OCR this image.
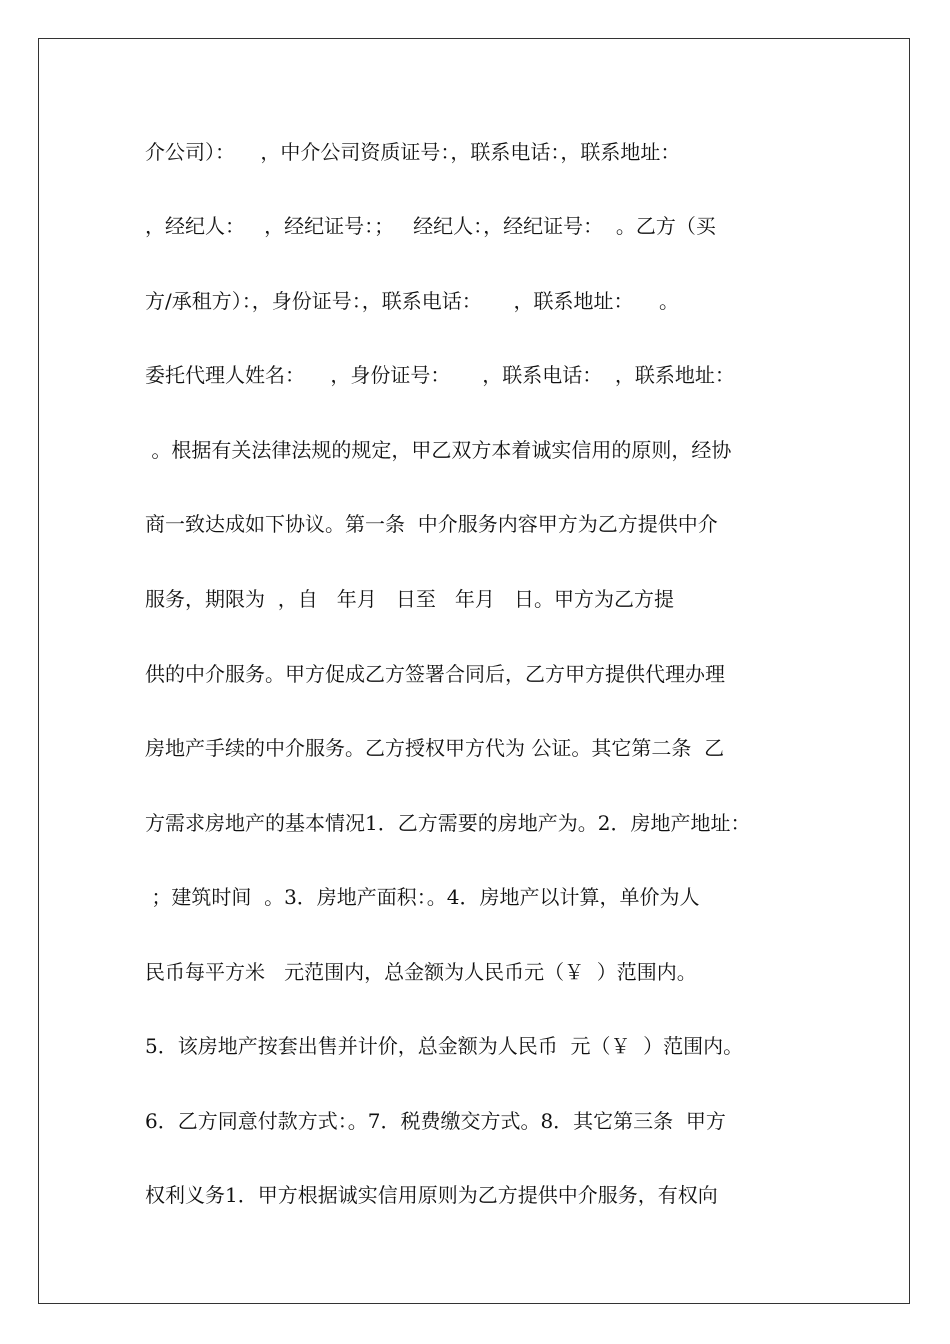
介公司）：    ，中介公司资质证号：，联系电话：，联系地址：
，经纪人：   ，经纪证号：；   经纪人：，经纪证号：  。乙方（买
方/承租方）：，身份证号：，联系电话：     ，联系地址：    。
委托代理人姓名：    ，身份证号：     ，联系电话：  ，联系地址：
。根据有关法律法规的规定，甲乙双方本着诚实信用的原则，经协
商一致达成如下协议。第一条  中介服务内容甲方为乙方提供中介
服务，期限为  ，自   年月   日至   年月   日。甲方为乙方提
供的中介服务。甲方促成乙方签署合同后，乙方甲方提供代理办理
房地产手续的中介服务。乙方授权甲方代为 公证。其它第二条  乙
方需求房地产的基本情况1．乙方需要的房地产为。2．房地产地址：
；建筑时间  。3．房地产面积：。4．房地产以计算，单价为人
民币每平方米   元范围内，总金额为人民币元（￥  ）范围内。
5．该房地产按套出售并计价，总金额为人民币  元（￥  ）范围内。
6．乙方同意付款方式：。7．税费缴交方式。8．其它第三条  甲方
权利义务1．甲方根据诚实信用原则为乙方提供中介服务，有权向
